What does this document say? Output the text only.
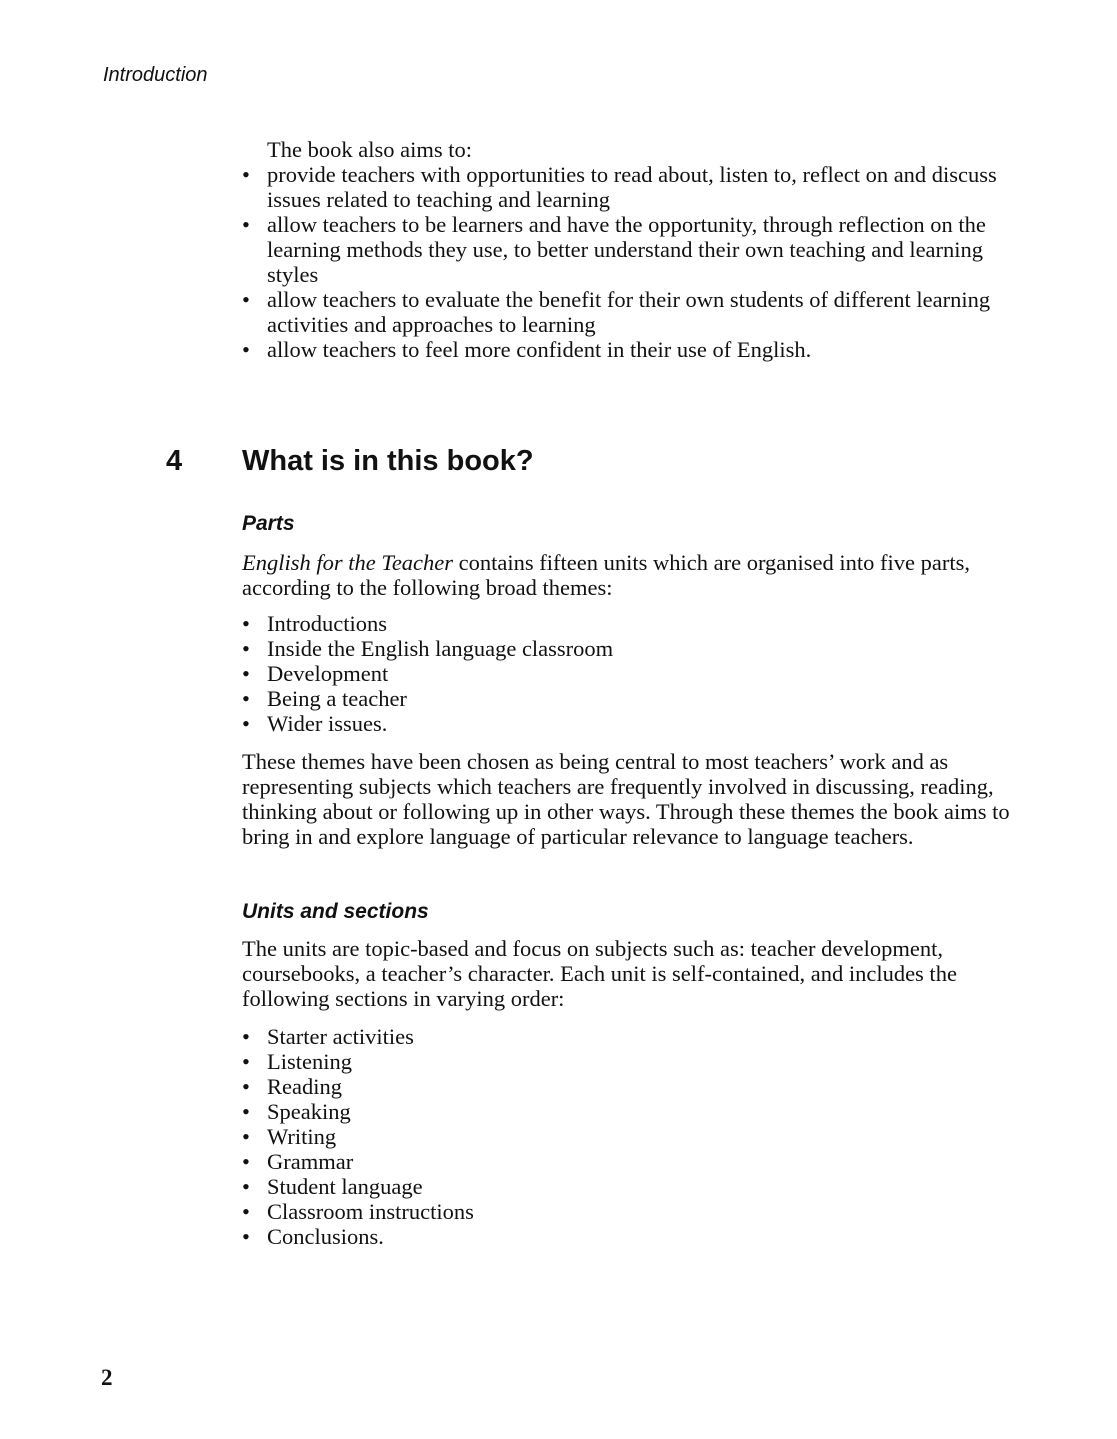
Introduction

The book also aims to:

• provide teachers with opportunities to read about, listen to, reflect on and discuss issues related to teaching and learning
• allow teachers to be learners and have the opportunity, through reflection on the learning methods they use, to better understand their own teaching and learning styles
• allow teachers to evaluate the benefit for their own students of different learning activities and approaches to learning
• allow teachers to feel more confident in their use of English.
4 What is in this book?
Parts

English for the Teacher contains fifteen units which are organised into five parts, according to the following broad themes:

• Introductions
• Inside the English language classroom
• Development
• Being a teacher
• Wider issues.

These themes have been chosen as being central to most teachers’ work and as representing subjects which teachers are frequently involved in discussing, reading, thinking about or following up in other ways. Through these themes the book aims to bring in and explore language of particular relevance to language teachers.

Units and sections

The units are topic-based and focus on subjects such as: teacher development, coursebooks, a teacher’s character. Each unit is self-contained, and includes the following sections in varying order:

• Starter activities
• Listening
• Reading
• Speaking
• Writing
• Grammar
• Student language
• Classroom instructions
• Conclusions.
2
